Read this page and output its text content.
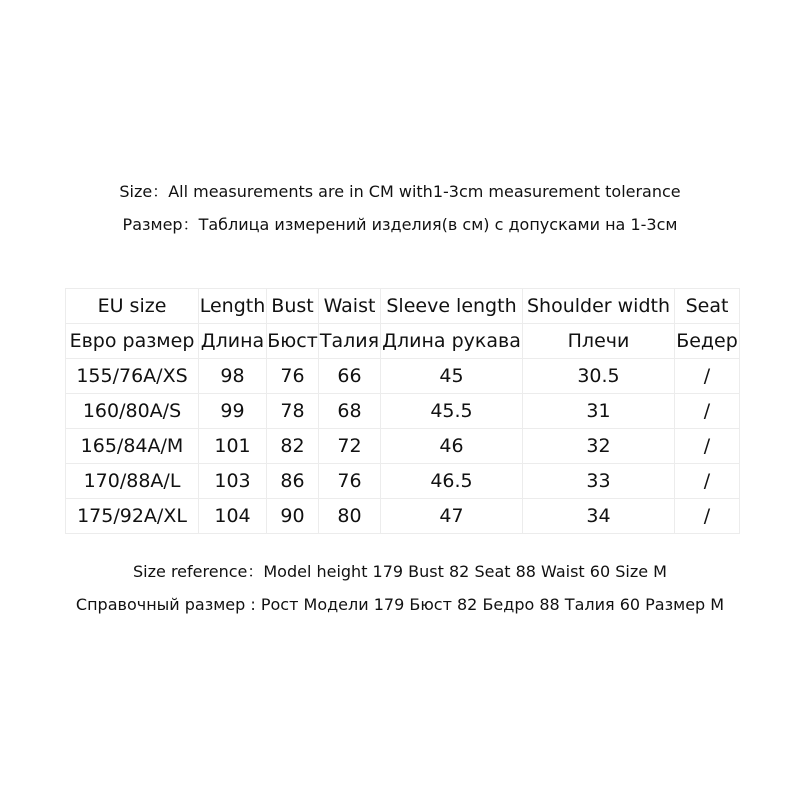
Size：All measurements are in CM with1-3cm measurement tolerance
Размер：Таблица измерений изделия(в см) с допусками на 1-3см
EU size	Length	Bust	Waist	Sleeve length	Shoulder width	Seat
Евро размер	Длина	Бюст	Талия	Длина рукава	Плечи	Бедер
155/76A/XS	98	76	66	45	30.5	/
160/80A/S	99	78	68	45.5	31	/
165/84A/M	101	82	72	46	32	/
170/88A/L	103	86	76	46.5	33	/
175/92A/XL	104	90	80	47	34	/
Size reference：Model height 179 Bust 82 Seat 88 Waist 60 Size M
Справочный размер : Рост Модели 179 Бюст 82 Бедро 88 Талия 60 Размер M
